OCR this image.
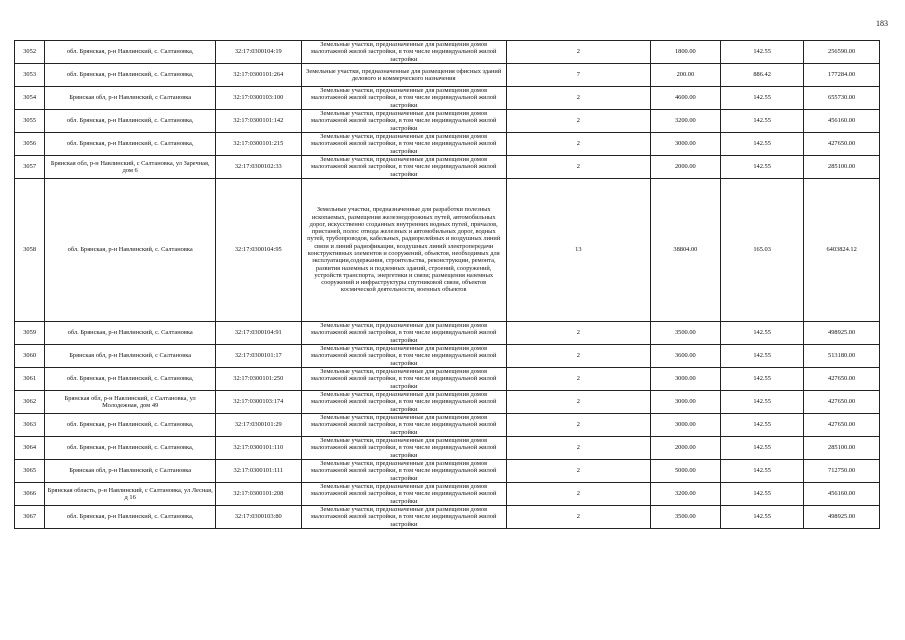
183
3052	обл. Брянская, р-н Навлинский, с. Салтановка,	32:17:0300104:19	Земельные участки, предназначенные для размещения домов малоэтажной жилой застройки, в том числе индивидуальной жилой застройки	2	1800.00	142.55	256590.00
3053	обл. Брянская, р-н Навлинский, с. Салтановка,	32:17:0300101:264	Земельные участки, предназначенные для размещения офисных зданий делового и коммерческого назначения	7	200.00	886.42	177284.00
3054	Брянская обл, р-н Навлинский, с Салтановка	32:17:0300103:100	Земельные участки, предназначенные для размещения домов малоэтажной жилой застройки, в том числе индивидуальной жилой застройки	2	4600.00	142.55	655730.00
3055	обл. Брянская, р-н Навлинский, с. Салтановка,	32:17:0300101:142	Земельные участки, предназначенные для размещения домов малоэтажной жилой застройки, в том числе индивидуальной жилой застройки	2	3200.00	142.55	456160.00
3056	обл. Брянская, р-н Навлинский, с. Салтановка,	32:17:0300101:215	Земельные участки, предназначенные для размещения домов малоэтажной жилой застройки, в том числе индивидуальной жилой застройки	2	3000.00	142.55	427650.00
3057	Брянская обл, р-н Навлинский, с Салтановка, ул Заречная, дом 6	32:17:0300102:33	Земельные участки, предназначенные для размещения домов малоэтажной жилой застройки, в том числе индивидуальной жилой застройки	2	2000.00	142.55	285100.00
3058	обл. Брянская, р-н Навлинский, с. Салтановка	32:17:0300104:95	Земельные участки, предназначенные для разработки полезных ископаемых, размещения железнодорожных путей, автомобильных дорог, искусственно созданных внутренних водных путей, причалов, пристаней, полос отвода железных и автомобильных дорог, водных путей, трубопроводов, кабельных, радиорелейных и воздушных линий связи и линий радиофикации, воздушных линий электропередачи конструктивных элементов и сооружений, объектов, необходимых для эксплуатации,содержания, строительства, реконструкции, ремонта, развития наземных и подземных зданий, строений, сооружений, устройств транспорта, энергетики и связи; размещения наземных сооружений и инфраструктуры спутниковой связи, объектов космической деятельности, военных объектов	13	38804.00	165.03	6403824.12
3059	обл. Брянская, р-н Навлинский, с. Салтановка	32:17:0300104:91	Земельные участки, предназначенные для размещения домов малоэтажной жилой застройки, в том числе индивидуальной жилой застройки	2	3500.00	142.55	498925.00
3060	Брянская обл, р-н Навлинский, с Салтановка	32:17:0300101:17	Земельные участки, предназначенные для размещения домов малоэтажной жилой застройки, в том числе индивидуальной жилой застройки	2	3600.00	142.55	513180.00
3061	обл. Брянская, р-н Навлинский, с. Салтановка,	32:17:0300101:250	Земельные участки, предназначенные для размещения домов малоэтажной жилой застройки, в том числе индивидуальной жилой застройки	2	3000.00	142.55	427650.00
3062	Брянская обл, р-н Навлинский, с Салтановка, ул Молодежная, дом 49	32:17:0300103:174	Земельные участки, предназначенные для размещения домов малоэтажной жилой застройки, в том числе индивидуальной жилой застройки	2	3000.00	142.55	427650.00
3063	обл. Брянская, р-н Навлинский, с. Салтановка,	32:17:0300101:29	Земельные участки, предназначенные для размещения домов малоэтажной жилой застройки, в том числе индивидуальной жилой застройки	2	3000.00	142.55	427650.00
3064	обл. Брянская, р-н Навлинский, с. Салтановка,	32:17:0300101:110	Земельные участки, предназначенные для размещения домов малоэтажной жилой застройки, в том числе индивидуальной жилой застройки	2	2000.00	142.55	285100.00
3065	Брянская обл, р-н Навлинский, с Салтановка	32:17:0300101:111	Земельные участки, предназначенные для размещения домов малоэтажной жилой застройки, в том числе индивидуальной жилой застройки	2	5000.00	142.55	712750.00
3066	Брянская область, р-н Навлинский, с Салтановка, ул Лесная, д 16	32:17:0300101:208	Земельные участки, предназначенные для размещения домов малоэтажной жилой застройки, в том числе индивидуальной жилой застройки	2	3200.00	142.55	456160.00
3067	обл. Брянская, р-н Навлинский, с. Салтановка,	32:17:0300103:80	Земельные участки, предназначенные для размещения домов малоэтажной жилой застройки, в том числе индивидуальной жилой застройки	2	3500.00	142.55	498925.00
